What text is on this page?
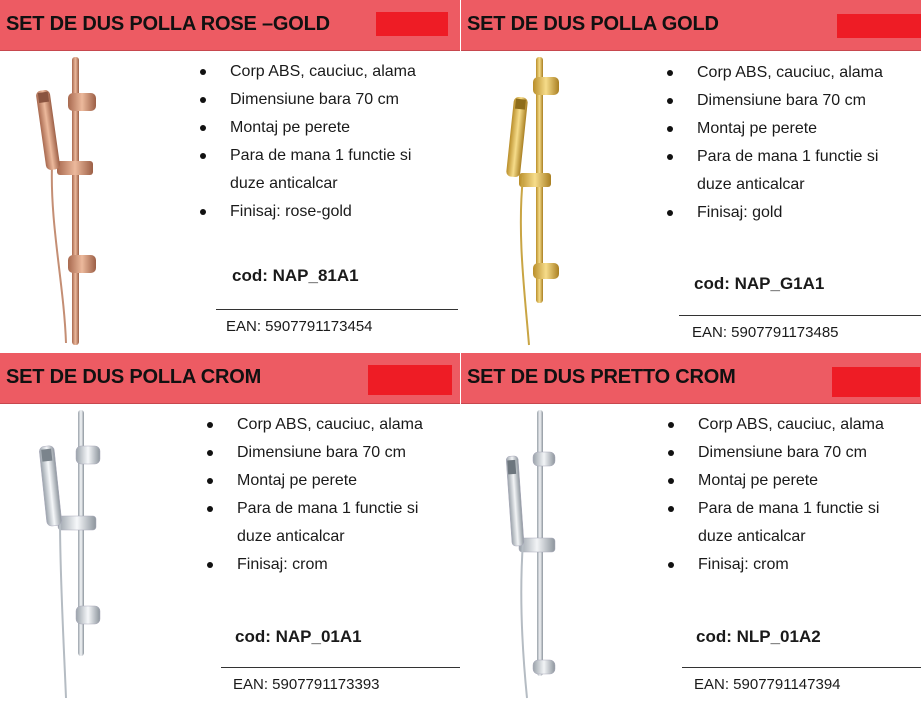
SET DE DUS POLLA ROSE –GOLD
Corp ABS, cauciuc, alama
Dimensiune bara 70 cm
Montaj pe perete
Para de mana 1 functie si duze anticalcar
Finisaj: rose-gold
cod: NAP_81A1
EAN: 5907791173454
SET DE DUS POLLA GOLD
Corp ABS, cauciuc, alama
Dimensiune bara 70 cm
Montaj pe perete
Para de mana 1 functie si duze anticalcar
Finisaj: gold
cod: NAP_G1A1
EAN: 5907791173485
SET DE DUS POLLA CROM
Corp ABS, cauciuc, alama
Dimensiune bara 70 cm
Montaj pe perete
Para de mana 1 functie si duze anticalcar
Finisaj: crom
cod: NAP_01A1
EAN: 5907791173393
SET DE DUS PRETTO CROM
Corp ABS, cauciuc, alama
Dimensiune bara 70 cm
Montaj pe perete
Para de mana 1 functie si duze anticalcar
Finisaj: crom
cod: NLP_01A2
EAN: 5907791147394
